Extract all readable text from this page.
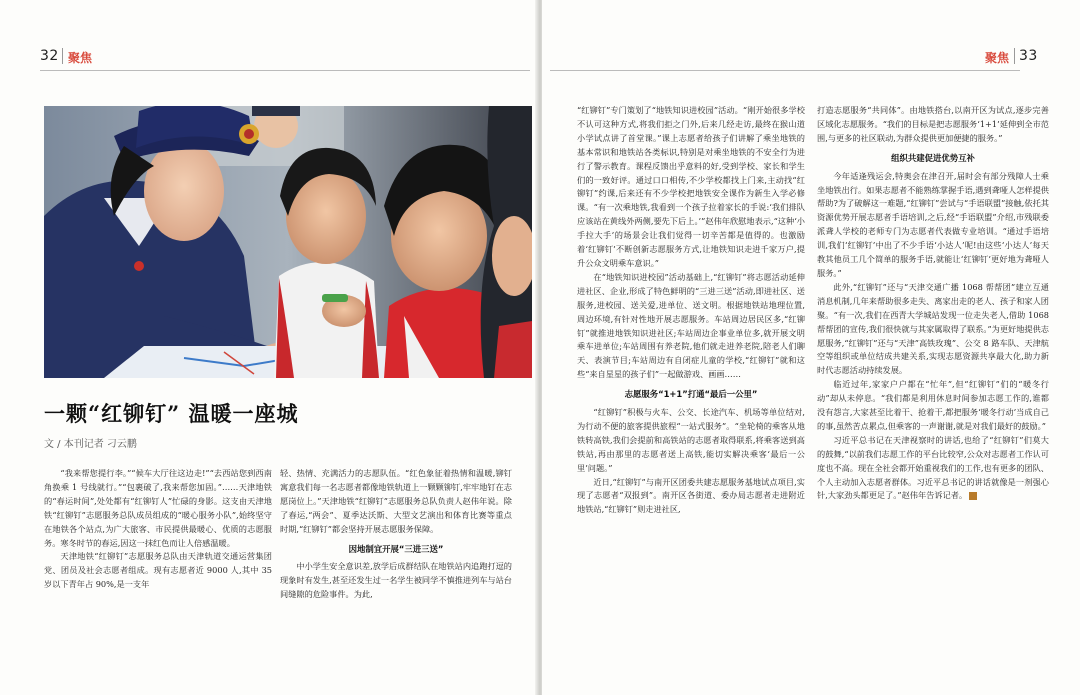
32 聚焦
一颗“红铆钉” 温暖一座城
文 / 本刊记者 刁云鹏

“我来帮您提行李。”“候车大厅往这边走!”“去西站您到西南角换乘 1 号线就行。”“包裹破了,我来帮您加固。”……天津地铁的“春运时间”,处处都有“红铆钉人”忙碌的身影。这支由天津地铁“红铆钉”志愿服务总队成员组成的“暖心服务小队”,始终坚守在地铁各个站点,为广大旅客、市民提供最暖心、优质的志愿服务。寒冬时节的春运,因这一抹红色而让人倍感温暖。

天津地铁“红铆钉”志愿服务总队由天津轨道交通运营集团党、团员及社会志愿者组成。现有志愿者近 9000 人,其中 35 岁以下青年占 90%,是一支年

轻、热情、充满活力的志愿队伍。“红色象征着热情和温暖,铆钉寓意我们每一名志愿者都像地铁轨道上一颗颗铆钉,牢牢地钉在志愿岗位上。”天津地铁“红铆钉”志愿服务总队负责人赵伟年说。除了春运,“两会”、夏季达沃斯、大型文艺演出和体育比赛等重点时期,“红铆钉”都会坚持开展志愿服务保障。

因地制宜开展“三进三送”

中小学生安全意识差,放学后成群结队在地铁站内追跑打逗的现象时有发生,甚至还发生过一名学生被同学不慎推进列车与站台间缝隙的危险事件。为此,

聚焦 33

“红铆钉”专门策划了“地铁知识进校园”活动。“刚开始很多学校不认可这种方式,将我们拒之门外,后来几经走访,最终在猴山道小学试点讲了首堂课。”课上志愿者给孩子们讲解了乘坐地铁的基本常识和地铁站各类标识,特别是对乘坐地铁的不安全行为进行了警示教育。课程反馈出乎意料的好,受到学校、家长和学生们的一致好评。通过口口相传,不少学校都找上门来,主动找“红铆钉”约课,后来还有不少学校把地铁安全课作为新生入学必修课。“有一次乘地铁,我看到一个孩子拉着家长的手说:‘我们排队应该站在黄线外两侧,要先下后上。’”赵伟年欣慰地表示,“这种‘小手拉大手’的场景会让我们觉得一切辛苦都是值得的。也激励着‘红铆钉’不断创新志愿服务方式,让地铁知识走进千家万户,提升公众文明乘车意识。”

在“地铁知识进校园”活动基础上,“红铆钉”将志愿活动延伸进社区、企业,形成了特色鲜明的“三进三送”活动,即进社区、送服务,进校园、送关爱,进单位、送文明。根据地铁站地理位置,周边环境,有针对性地开展志愿服务。车站周边居民区多,“红铆钉”就推进地铁知识进社区;车站周边企事业单位多,就开展文明乘车进单位;车站周围有养老院,他们就走进养老院,陪老人们聊天、表演节目;车站周边有自闭症儿童的学校,“红铆钉”就和这些“来自星星的孩子们”一起做游戏、画画……

志愿服务“1+1”打通“最后一公里”

“红铆钉”积极与火车、公交、长途汽车、机场等单位结对,为行动不便的旅客提供旅程“一站式服务”。“坐轮椅的乘客从地铁转高铁,我们会提前和高铁站的志愿者取得联系,将乘客送到高铁站,再由那里的志愿者送上高铁,能切实解决乘客‘最后一公里’问题。”

近日,“红铆钉”与南开区团委共建志愿服务基地试点项目,实现了志愿者“双报到”。南开区各街道、委办局志愿者走进附近地铁站,“红铆钉”则走进社区,

打造志愿服务“共同体”。由地铁搭台,以南开区为试点,逐步完善区域化志愿服务。“我们的目标是把志愿服务‘1+1’延伸到全市范围,与更多的社区联动,为群众提供更加便捷的服务。”

组织共建促进优势互补

今年适逢残运会,特奥会在津召开,届时会有部分残障人士乘坐地铁出行。如果志愿者不能熟练掌握手语,遇到聋哑人怎样提供帮助?为了破解这一难题,“红铆钉”尝试与“手语联盟”接触,依托其资源优势开展志愿者手语培训,之后,经“手语联盟”介绍,市残联委派聋人学校的老师专门为志愿者代表做专业培训。“通过手语培训,我们‘红铆钉’中出了不少手语‘小达人’呢!由这些‘小达人’每天教其他员工几个简单的服务手语,就能让‘红铆钉’更好地为聋哑人服务。”

此外,“红铆钉”还与“天津交通广播 1068 帮帮团”建立互通消息机制,几年来帮助很多走失、离家出走的老人、孩子和家人团聚。“有一次,我们在西青大学城站发现一位走失老人,借助 1068 帮帮团的宣传,我们很快就与其家属取得了联系。”为更好地提供志愿服务,“红铆钉”还与“天津”高铁玫瑰”、公交 8 路车队、天津航空等组织或单位结成共建关系,实现志愿资源共享最大化,助力新时代志愿活动持续发展。

临近过年,家家户户都在“忙年”,但“红铆钉”们的“暖冬行动”却从未停息。“我们都是利用休息时间参加志愿工作的,谁都没有怨言,大家甚至比着干、抢着干,都把服务‘暖冬行动’当成自己的事,虽然苦点累点,但乘客的一声谢谢,就是对我们最好的鼓励。”

习近平总书记在天津视察时的讲话,也给了“红铆钉”们莫大的鼓舞,“以前我们志愿工作的平台比较窄,公众对志愿者工作认可度也不高。现在全社会都开始重视我们的工作,也有更多的团队、个人主动加入志愿者群体。习近平总书记的讲话就像是一剂强心针,大家劲头都更足了。”赵伟年告诉记者。
